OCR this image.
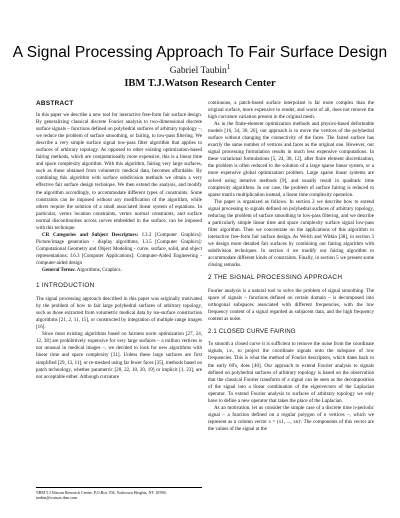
A Signal Processing Approach To Fair Surface Design
Gabriel Taubin$^1$
IBM T.J.Watson Research Center
ABSTRACT

In this paper we describe a new tool for interactive free-form fair surface design. By generalizing classical discrete Fourier analysis to two-dimensional discrete surface signals – functions defined on polyhedral surfaces of arbitrary topology –, we reduce the problem of surface smoothing, or fairing, to low-pass filtering. We describe a very simple surface signal low-pass filter algorithm that applies to surfaces of arbitrary topology. As opposed to other existing optimization-based fairing methods, which are computationally more expensive, this is a linear time and space complexity algorithm. With this algorithm, fairing very large surfaces, such as those obtained from volumetric medical data, becomes affordable. By combining this algorithm with surface subdivision methods we obtain a very effective fair surface design technique. We then extend the analysis, and modify the algorithm accordingly, to accommodate different types of constraints. Some constraints can be imposed without any modification of the algorithm, while others require the solution of a small associated linear system of equations. In particular, vertex location constraints, vertex normal constraints, and surface normal discontinuities across curves embedded in the surface, can be imposed with this technique.

CR Categories and Subject Descriptors: I.3.3 [Computer Graphics]: Picture/image generation - display algorithms, I.3.5 [Computer Graphics]: Computational Geometry and Object Modeling - curve, surface, solid, and object representations; I.6.3 [Computer Applications]: Computer-Aided Engineering - computer-aided design

General Terms: Algorithms, Graphics.

1 INTRODUCTION

The signal processing approach described in this paper was originally motivated by the problem of how to fair large polyhedral surfaces of arbitrary topology, such as those extracted from volumetric medical data by iso-surface construction algorithms [21, 2, 11, 15], or constructed by integration of multiple range images [16].

Since most existing algorithms based on fairness norm optimization [27, 24, 12, 38] are prohibitively expensive for very large surfaces – a million vertices is not unusual in medical images –, we decided to look for new algorithms with linear time and space complexity [31]. Unless these large surfaces are first simplified [29, 13, 11], or re-meshed using far fewer faces [35], methods based on patch technology, whether parametric [28, 22, 10, 20, 19] or implicit [1, 23], are not acceptable either. Although curvature

continuous, a patch-based surface interpolant is far more complex than the original surface, more expensive to render, and worst of all, does not remove the high curvature variation present in the original mesh.

As in the finite-element optimization methods and physics-based deformable models [16, 34, 30, 26], our approach is to move the vertices of the polyhedral surface without changing the connectivity of the faces. The faired surface has exactly the same number of vertices and faces as the original one. However, our signal processing formulation results in much less expensive computations. In these variational formulations [5, 24, 38, 12], after finite element discretization, the problem is often reduced to the solution of a large sparse linear system, or a more expensive global optimization problem. Large sparse linear systems are solved using iterative methods [9], and usually result in quadratic time complexity algorithms. In our case, the problem of surface fairing is reduced to sparse matrix multiplication instead, a linear time complexity operation.

The paper is organized as follows. In section 2 we describe how to extend signal processing to signals defined on polyhedral surfaces of arbitrary topology, reducing the problem of surface smoothing to low-pass filtering, and we describe a particularly simple linear time and space complexity surface signal low-pass filter algorithm. Then we concentrate on the applications of this algorithm to interactive free-form fair surface design. As Welch and Witkin [38], in section 3 we design more detailed fair surfaces by combining our fairing algorithm with subdivision techniques. In section 4 we modify our fairing algorithm to accommodate different kinds of constraints. Finally, in section 5 we present some closing remarks.

2 THE SIGNAL PROCESSING APPROACH

Fourier analysis is a natural tool to solve the problem of signal smoothing. The space of signals – functions defined on certain domain – is decomposed into orthogonal subspaces associated with different frequencies, with the low frequency content of a signal regarded as subjacent data, and the high frequency content as noise.

2.1 CLOSED CURVE FAIRING

To smooth a closed curve it is sufficient to remove the noise from the coordinate signals, i.e., to project the coordinate signals onto the subspace of low frequencies. This is what the method of Fourier descriptors, which dates back to the early 60's, does [40]. Our approach to extend Fourier analysis to signals defined on polyhedral surfaces of arbitrary topology is based on the observation that the classical Fourier transform of a signal can be seen as the decomposition of the signal into a linear combination of the eigenvectors of the Laplacian operator. To extend Fourier analysis to surfaces of arbitrary topology we only have to define a new operator that takes the place of the Laplacian.

As an motivation, let us consider the simple case of a discrete time n-periodic signal – a function defined on a regular polygon of n vertices –, which we represent as a column vector x = (x1, ..., xn)ᵗ. The components of this vector are the values of the signal at the

¹IBM T.J.Watson Research Center, P.O.Box 704, Yorktown Heights, NY 10598, taubin@watson.ibm.com
